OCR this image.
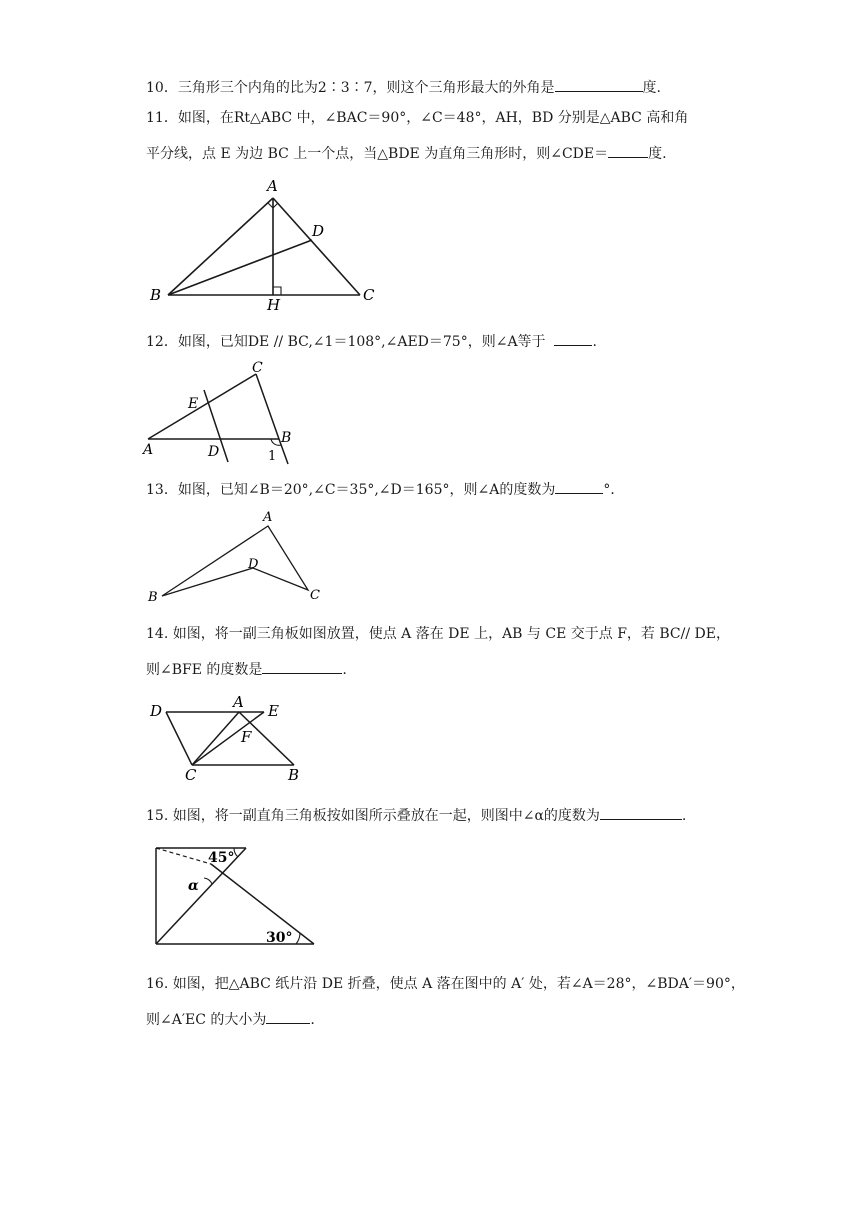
10．三角形三个内角的比为2∶3∶7，则这个三角形最大的外角是	度.
11．如图，在Rt△ABC 中，∠BAC＝90°，∠C＝48°，AH，BD 分别是△ABC 高和角
平分线，点 E 为边 BC 上一个点，当△BDE 为直角三角形时，则∠CDE＝	度.
A
B	C
D
H
12．如图，已知DE // BC,∠1＝108°,∠AED＝75°，则∠A等于	.
A
C
B
E
D	1
13．如图，已知∠B＝20°,∠C＝35°,∠D＝165°，则∠A的度数为	°．
A
B	C
D
14. 如图，将一副三角板如图放置，使点 A 落在 DE 上，AB 与 CE 交于点 F，若 BC// DE，
则∠BFE 的度数是	.
D	A E
F
C	B
15. 如图，将一副直角三角板按如图所示叠放在一起，则图中∠α的度数为	.
45°
α
30°
16. 如图，把△ABC 纸片沿 DE 折叠，使点 A 落在图中的 A′ 处，若∠A＝28°，∠BDA′＝90°，
则∠A′EC 的大小为	.
